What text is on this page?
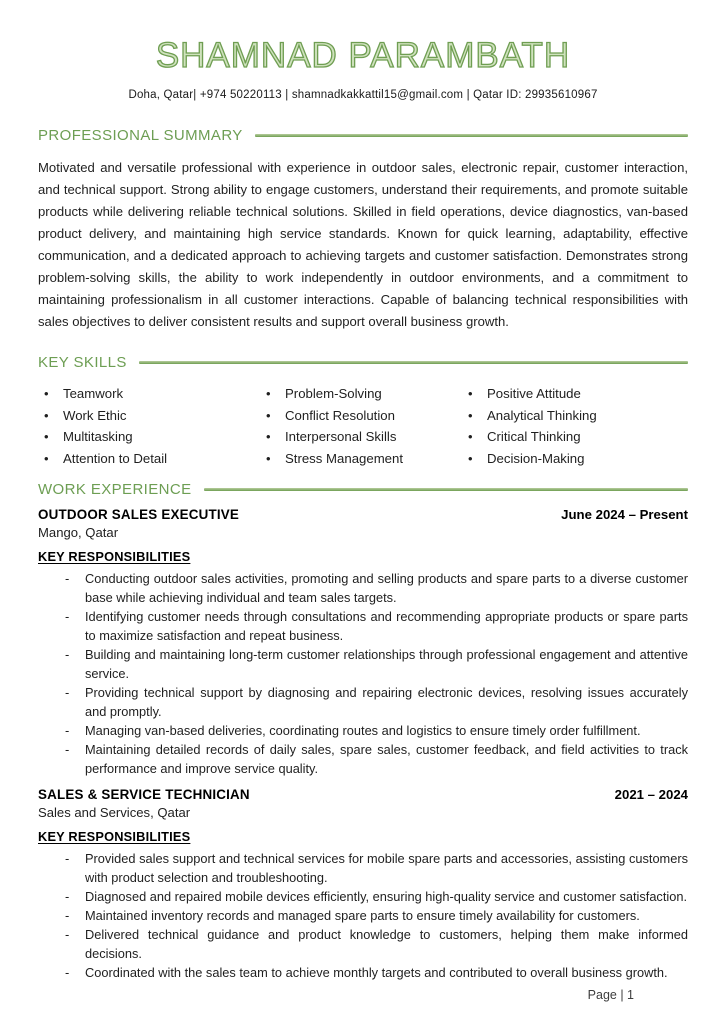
SHAMNAD PARAMBATH
Doha, Qatar| +974 50220113 | shamnadkakkattil15@gmail.com | Qatar ID: 29935610967
PROFESSIONAL SUMMARY

Motivated and versatile professional with experience in outdoor sales, electronic repair, customer interaction, and technical support. Strong ability to engage customers, understand their requirements, and promote suitable products while delivering reliable technical solutions. Skilled in field operations, device diagnostics, van-based product delivery, and maintaining high service standards. Known for quick learning, adaptability, effective communication, and a dedicated approach to achieving targets and customer satisfaction. Demonstrates strong problem-solving skills, the ability to work independently in outdoor environments, and a commitment to maintaining professionalism in all customer interactions. Capable of balancing technical responsibilities with sales objectives to deliver consistent results and support overall business growth.

KEY SKILLS
• Teamwork
• Work Ethic
• Multitasking
• Attention to Detail
• Problem-Solving
• Conflict Resolution
• Interpersonal Skills
• Stress Management
• Positive Attitude
• Analytical Thinking
• Critical Thinking
• Decision-Making
WORK EXPERIENCE
OUTDOOR SALES EXECUTIVE	June 2024 – Present
Mango, Qatar
KEY RESPONSIBILITIES
- Conducting outdoor sales activities, promoting and selling products and spare parts to a diverse customer base while achieving individual and team sales targets.
- Identifying customer needs through consultations and recommending appropriate products or spare parts to maximize satisfaction and repeat business.
- Building and maintaining long-term customer relationships through professional engagement and attentive service.
- Providing technical support by diagnosing and repairing electronic devices, resolving issues accurately and promptly.
- Managing van-based deliveries, coordinating routes and logistics to ensure timely order fulfillment.
- Maintaining detailed records of daily sales, spare sales, customer feedback, and field activities to track performance and improve service quality.
SALES & SERVICE TECHNICIAN	2021 – 2024
Sales and Services, Qatar
KEY RESPONSIBILITIES
- Provided sales support and technical services for mobile spare parts and accessories, assisting customers with product selection and troubleshooting.
- Diagnosed and repaired mobile devices efficiently, ensuring high-quality service and customer satisfaction.
- Maintained inventory records and managed spare parts to ensure timely availability for customers.
- Delivered technical guidance and product knowledge to customers, helping them make informed decisions.
- Coordinated with the sales team to achieve monthly targets and contributed to overall business growth.
Page | 1
